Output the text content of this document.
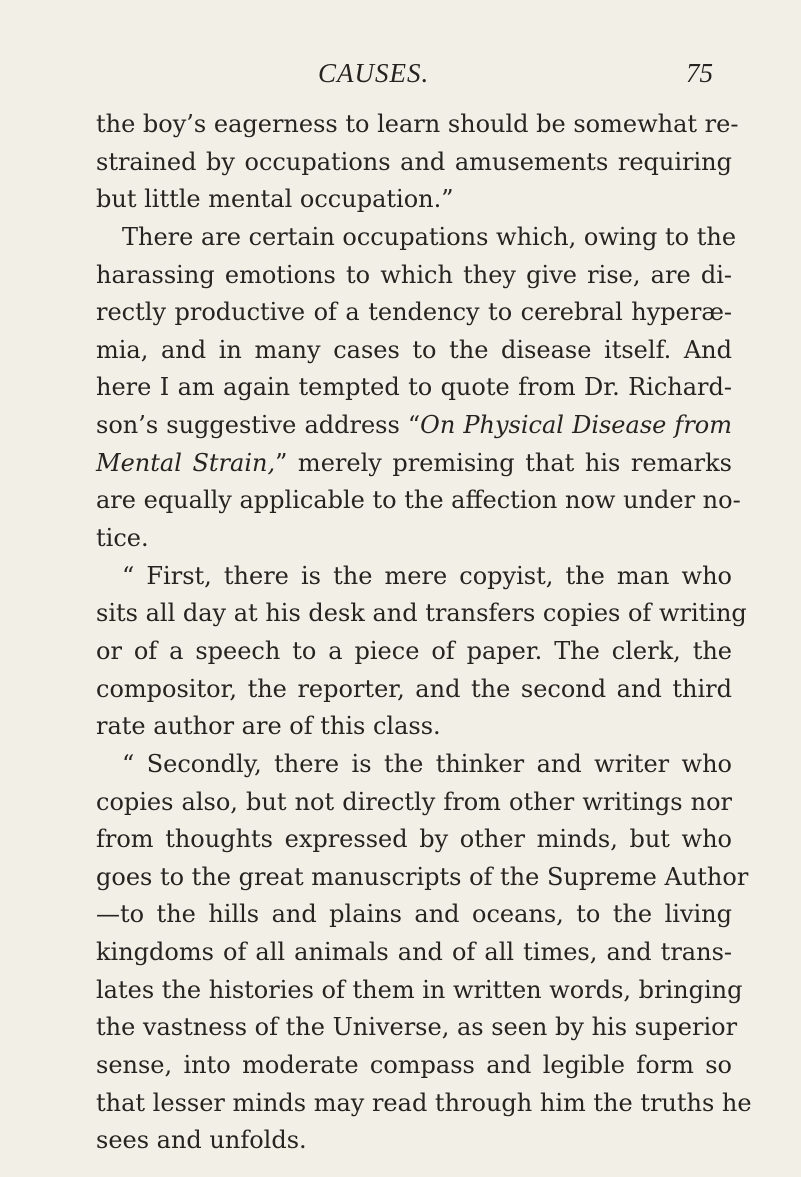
CAUSES.	75
the boy’s eagerness to learn should be somewhat re-
strained by occupations and amusements requiring
but little mental occupation.”
There are certain occupations which, owing to the
harassing emotions to which they give rise, are di-
rectly productive of a tendency to cerebral hyperæ-
mia, and in many cases to the disease itself. And
here I am again tempted to quote from Dr. Richard-
son’s suggestive address “On Physical Disease from
Mental Strain,” merely premising that his remarks
are equally applicable to the affection now under no-
tice.
“ First, there is the mere copyist, the man who
sits all day at his desk and transfers copies of writing
or of a speech to a piece of paper. The clerk, the
compositor, the reporter, and the second and third
rate author are of this class.
“ Secondly, there is the thinker and writer who
copies also, but not directly from other writings nor
from thoughts expressed by other minds, but who
goes to the great manuscripts of the Supreme Author
—to the hills and plains and oceans, to the living
kingdoms of all animals and of all times, and trans-
lates the histories of them in written words, bringing
the vastness of the Universe, as seen by his superior
sense, into moderate compass and legible form so
that lesser minds may read through him the truths he
sees and unfolds.
